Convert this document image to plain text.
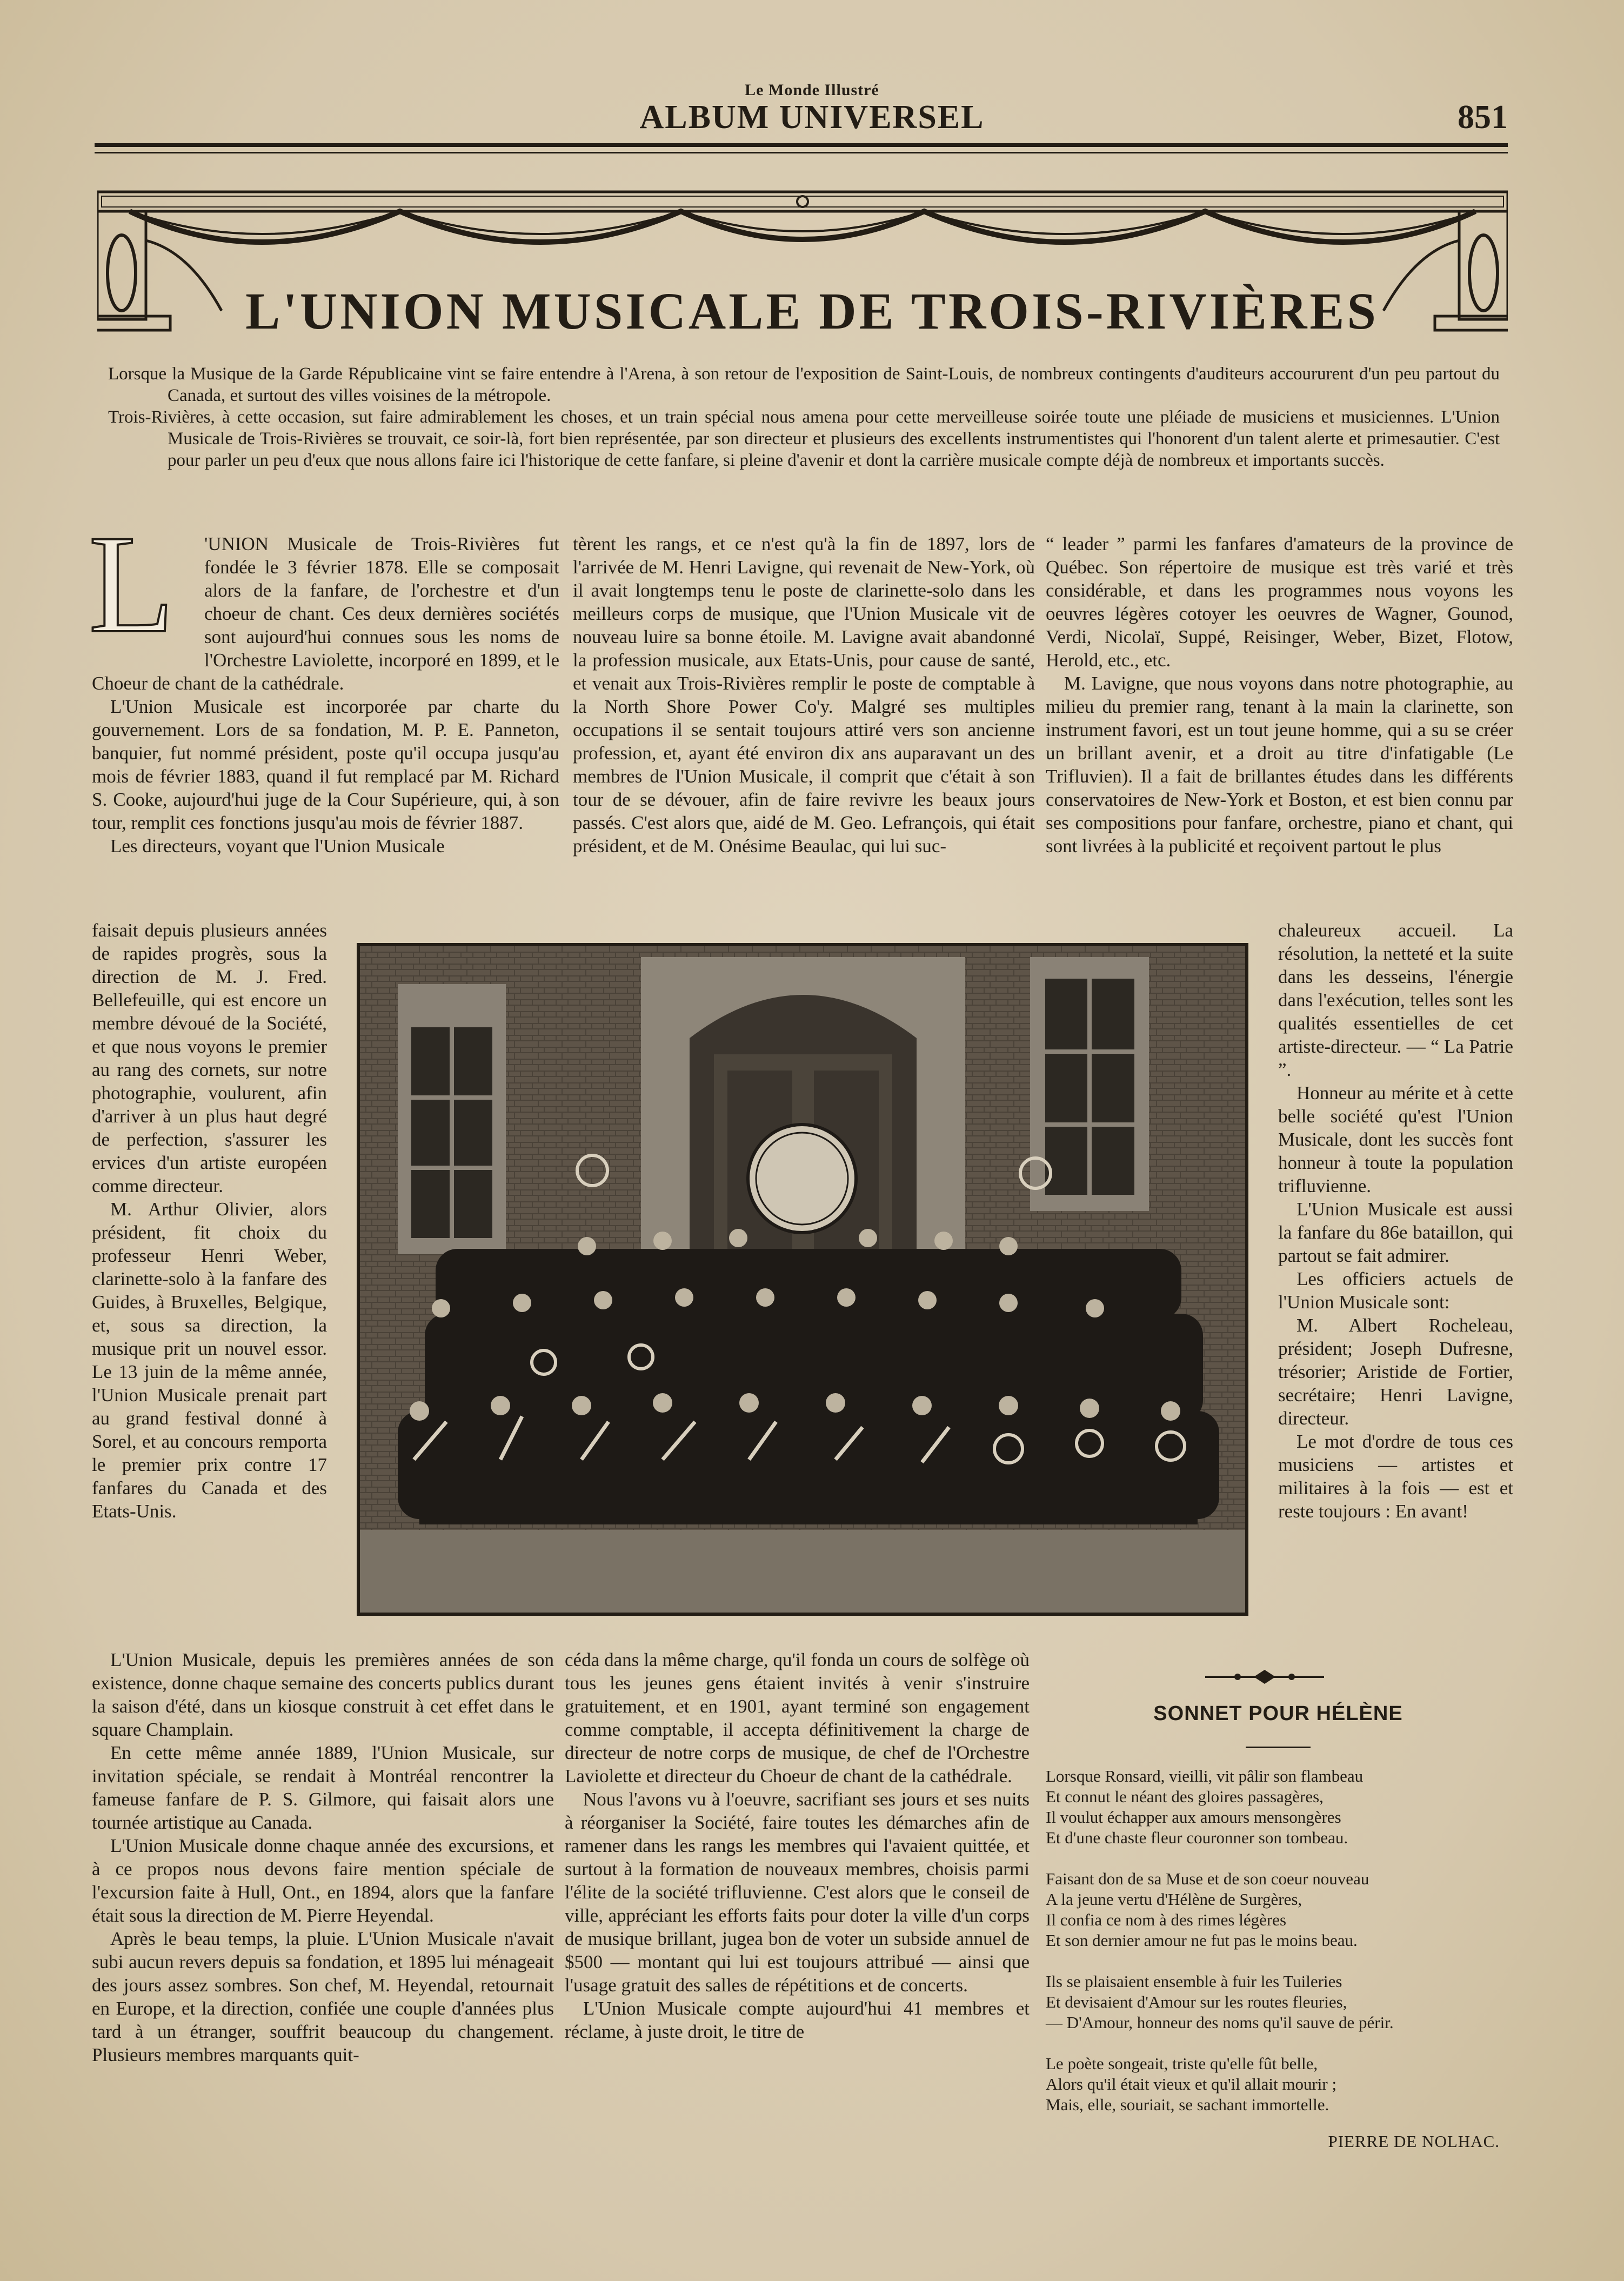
Le Monde Illustré
ALBUM UNIVERSEL	851
L'UNION MUSICALE DE TROIS-RIVIÈRES

Lorsque la Musique de la Garde Républicaine vint se faire entendre à l'Arena, à son retour de l'exposition de Saint-Louis, de nombreux contingents d'auditeurs accoururent d'un peu partout du Canada, et surtout des villes voisines de la métropole.

Trois-Rivières, à cette occasion, sut faire admirablement les choses, et un train spécial nous amena pour cette merveilleuse soirée toute une pléiade de musiciens et musiciennes. L'Union Musicale de Trois-Rivières se trouvait, ce soir-là, fort bien représentée, par son directeur et plusieurs des excellents instrumentistes qui l'honorent d'un talent alerte et primesautier. C'est pour parler un peu d'eux que nous allons faire ici l'historique de cette fanfare, si pleine d'avenir et dont la carrière musicale compte déjà de nombreux et importants succès.

L	'UNION Musicale de Trois-Rivières fut fondée le 3 février 1878. Elle se composait alors de la fanfare, de l'orchestre et d'un choeur de chant. Ces deux dernières sociétés sont aujourd'hui connues sous les noms de l'Orchestre Laviolette, incorporé en 1899, et le Choeur de chant de la cathédrale.

L'Union Musicale est incorporée par charte du gouvernement. Lors de sa fondation, M. P. E. Panneton, banquier, fut nommé président, poste qu'il occupa jusqu'au mois de février 1883, quand il fut remplacé par M. Richard S. Cooke, aujourd'hui juge de la Cour Supérieure, qui, à son tour, remplit ces fonctions jusqu'au mois de février 1887.

Les directeurs, voyant que l'Union Musicale

faisait depuis plusieurs années de rapides progrès, sous la direction de M. J. Fred. Bellefeuille, qui est encore un membre dévoué de la Société, et que nous voyons le premier au rang des cornets, sur notre photographie, voulurent, afin d'arriver à un plus haut degré de perfection, s'assurer les ervices d'un artiste européen comme directeur.

M. Arthur Olivier, alors président, fit choix du professeur Henri Weber, clarinette-solo à la fanfare des Guides, à Bruxelles, Belgique, et, sous sa direction, la musique prit un nouvel essor. Le 13 juin de la même année, l'Union Musicale prenait part au grand festival donné à Sorel, et au concours remporta le premier prix contre 17 fanfares du Canada et des Etats-Unis.

tèrent les rangs, et ce n'est qu'à la fin de 1897, lors de l'arrivée de M. Henri Lavigne, qui revenait de New-York, où il avait longtemps tenu le poste de clarinette-solo dans les meilleurs corps de musique, que l'Union Musicale vit de nouveau luire sa bonne étoile. M. Lavigne avait abandonné la profession musicale, aux Etats-Unis, pour cause de santé, et venait aux Trois-Rivières remplir le poste de comptable à la North Shore Power Co'y. Malgré ses multiples occupations il se sentait toujours attiré vers son ancienne profession, et, ayant été environ dix ans auparavant un des membres de l'Union Musicale, il comprit que c'était à son tour de se dévouer, afin de faire revivre les beaux jours passés. C'est alors que, aidé de M. Geo. Lefrançois, qui était président, et de M. Onésime Beaulac, qui lui suc-

“ leader ” parmi les fanfares d'amateurs de la province de Québec. Son répertoire de musique est très varié et très considérable, et dans les programmes nous voyons les oeuvres légères cotoyer les oeuvres de Wagner, Gounod, Verdi, Nicolaï, Suppé, Reisinger, Weber, Bizet, Flotow, Herold, etc., etc.

M. Lavigne, que nous voyons dans notre photographie, au milieu du premier rang, tenant à la main la clarinette, son instrument favori, est un tout jeune homme, qui a su se créer un brillant avenir, et a droit au titre d'infatigable (Le Trifluvien). Il a fait de brillantes études dans les différents conservatoires de New-York et Boston, et est bien connu par ses compositions pour fanfare, orchestre, piano et chant, qui sont livrées à la publicité et reçoivent partout le plus

chaleureux accueil. La résolution, la netteté et la suite dans les desseins, l'énergie dans l'exécution, telles sont les qualités essentielles de cet artiste-directeur. — “ La Patrie ”.

Honneur au mérite et à cette belle société qu'est l'Union Musicale, dont les succès font honneur à toute la population trifluvienne.

L'Union Musicale est aussi la fanfare du 86e bataillon, qui partout se fait admirer.

Les officiers actuels de l'Union Musicale sont:

M. Albert Rocheleau, président; Joseph Dufresne, trésorier; Aristide de Fortier, secrétaire; Henri Lavigne, directeur.

Le mot d'ordre de tous ces musiciens — artistes et militaires à la fois — est et reste toujours : En avant!

L'Union Musicale, depuis les premières années de son existence, donne chaque semaine des concerts publics durant la saison d'été, dans un kiosque construit à cet effet dans le square Champlain.

En cette même année 1889, l'Union Musicale, sur invitation spéciale, se rendait à Montréal rencontrer la fameuse fanfare de P. S. Gilmore, qui faisait alors une tournée artistique au Canada.

L'Union Musicale donne chaque année des excursions, et à ce propos nous devons faire mention spéciale de l'excursion faite à Hull, Ont., en 1894, alors que la fanfare était sous la direction de M. Pierre Heyendal.

Après le beau temps, la pluie. L'Union Musicale n'avait subi aucun revers depuis sa fondation, et 1895 lui ménageait des jours assez sombres. Son chef, M. Heyendal, retournait en Europe, et la direction, confiée une couple d'années plus tard à un étranger, souffrit beaucoup du changement. Plusieurs membres marquants quit-

céda dans la même charge, qu'il fonda un cours de solfège où tous les jeunes gens étaient invités à venir s'instruire gratuitement, et en 1901, ayant terminé son engagement comme comptable, il accepta définitivement la charge de directeur de notre corps de musique, de chef de l'Orchestre Laviolette et directeur du Choeur de chant de la cathédrale.

Nous l'avons vu à l'oeuvre, sacrifiant ses jours et ses nuits à réorganiser la Société, faire toutes les démarches afin de ramener dans les rangs les membres qui l'avaient quittée, et surtout à la formation de nouveaux membres, choisis parmi l'élite de la société trifluvienne. C'est alors que le conseil de ville, appréciant les efforts faits pour doter la ville d'un corps de musique brillant, jugea bon de voter un subside annuel de $500 — montant qui lui est toujours attribué — ainsi que l'usage gratuit des salles de répétitions et de concerts.

L'Union Musicale compte aujourd'hui 41 membres et réclame, à juste droit, le titre de

SONNET POUR HÉLÈNE
Lorsque Ronsard, vieilli, vit pâlir son flambeau
Et connut le néant des gloires passagères,
Il voulut échapper aux amours mensongères
Et d'une chaste fleur couronner son tombeau.
Faisant don de sa Muse et de son coeur nouveau
A la jeune vertu d'Hélène de Surgères,
Il confia ce nom à des rimes légères
Et son dernier amour ne fut pas le moins beau.
Ils se plaisaient ensemble à fuir les Tuileries
Et devisaient d'Amour sur les routes fleuries,
— D'Amour, honneur des noms qu'il sauve de périr.
Le poète songeait, triste qu'elle fût belle,
Alors qu'il était vieux et qu'il allait mourir ;
Mais, elle, souriait, se sachant immortelle.
PIERRE DE NOLHAC.
